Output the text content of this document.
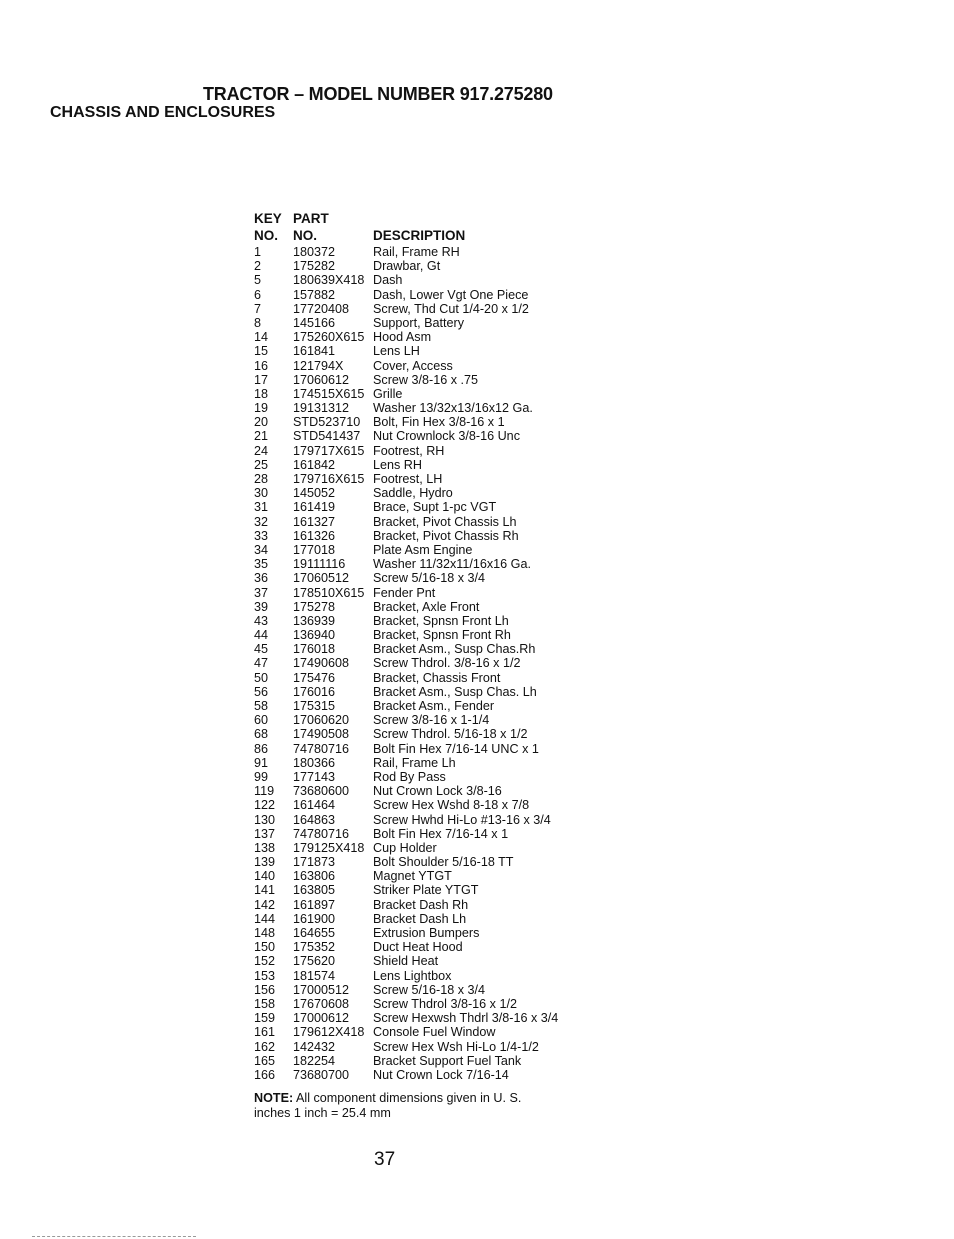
TRACTOR – MODEL NUMBER 917.275280
CHASSIS AND ENCLOSURES
KEY PART
NO.	NO.	DESCRIPTION
1	180372	Rail, Frame RH
2	175282	Drawbar, Gt
5	180639X418 Dash
6	157882	Dash, Lower Vgt One Piece
7	17720408	Screw, Thd Cut 1/4-20 x 1/2
8	145166	Support, Battery
14	175260X615 Hood Asm
15	161841	Lens LH
16	121794X	Cover, Access
17	17060612	Screw 3/8-16 x .75
18	174515X615 Grille
19	19131312	Washer 13/32x13/16x12 Ga.
20	STD523710	Bolt, Fin Hex 3/8-16 x 1
21	STD541437	Nut Crownlock 3/8-16 Unc
24	179717X615 Footrest, RH
25	161842	Lens RH
28	179716X615 Footrest, LH
30	145052	Saddle, Hydro
31	161419	Brace, Supt 1-pc VGT
32	161327	Bracket, Pivot Chassis Lh
33	161326	Bracket, Pivot Chassis Rh
34	177018	Plate Asm Engine
35	19111116	Washer 11/32x11/16x16 Ga.
36	17060512	Screw 5/16-18 x 3/4
37	178510X615 Fender Pnt
39	175278	Bracket, Axle Front
43	136939	Bracket, Spnsn Front Lh
44	136940	Bracket, Spnsn Front Rh
45	176018	Bracket Asm., Susp Chas.Rh
47	17490608	Screw Thdrol. 3/8-16 x 1/2
50	175476	Bracket, Chassis Front
56	176016	Bracket Asm., Susp Chas. Lh
58	175315	Bracket Asm., Fender
60	17060620	Screw 3/8-16 x 1-1/4
68	17490508	Screw Thdrol. 5/16-18 x 1/2
86	74780716	Bolt Fin Hex 7/16-14 UNC x 1
91	180366	Rail, Frame Lh
99	177143	Rod By Pass
119	73680600	Nut Crown Lock 3/8-16
122	161464	Screw Hex Wshd 8-18 x 7/8
130	164863	Screw Hwhd Hi-Lo #13-16 x 3/4
137	74780716	Bolt Fin Hex 7/16-14 x 1
138	179125X418 Cup Holder
139	171873	Bolt Shoulder 5/16-18 TT
140	163806	Magnet YTGT
141	163805	Striker Plate YTGT
142	161897	Bracket Dash Rh
144	161900	Bracket Dash Lh
148	164655	Extrusion Bumpers
150	175352	Duct Heat Hood
152	175620	Shield Heat
153	181574	Lens Lightbox
156	17000512	Screw 5/16-18 x 3/4
158	17670608	Screw Thdrol 3/8-16 x 1/2
159	17000612	Screw Hexwsh Thdrl 3/8-16 x 3/4
161	179612X418 Console Fuel Window
162	142432	Screw Hex Wsh Hi-Lo 1/4-1/2
165	182254	Bracket Support Fuel Tank
166	73680700	Nut Crown Lock 7/16-14
NOTE: All component dimensions given in U. S. inches 1 inch = 25.4 mm
37
